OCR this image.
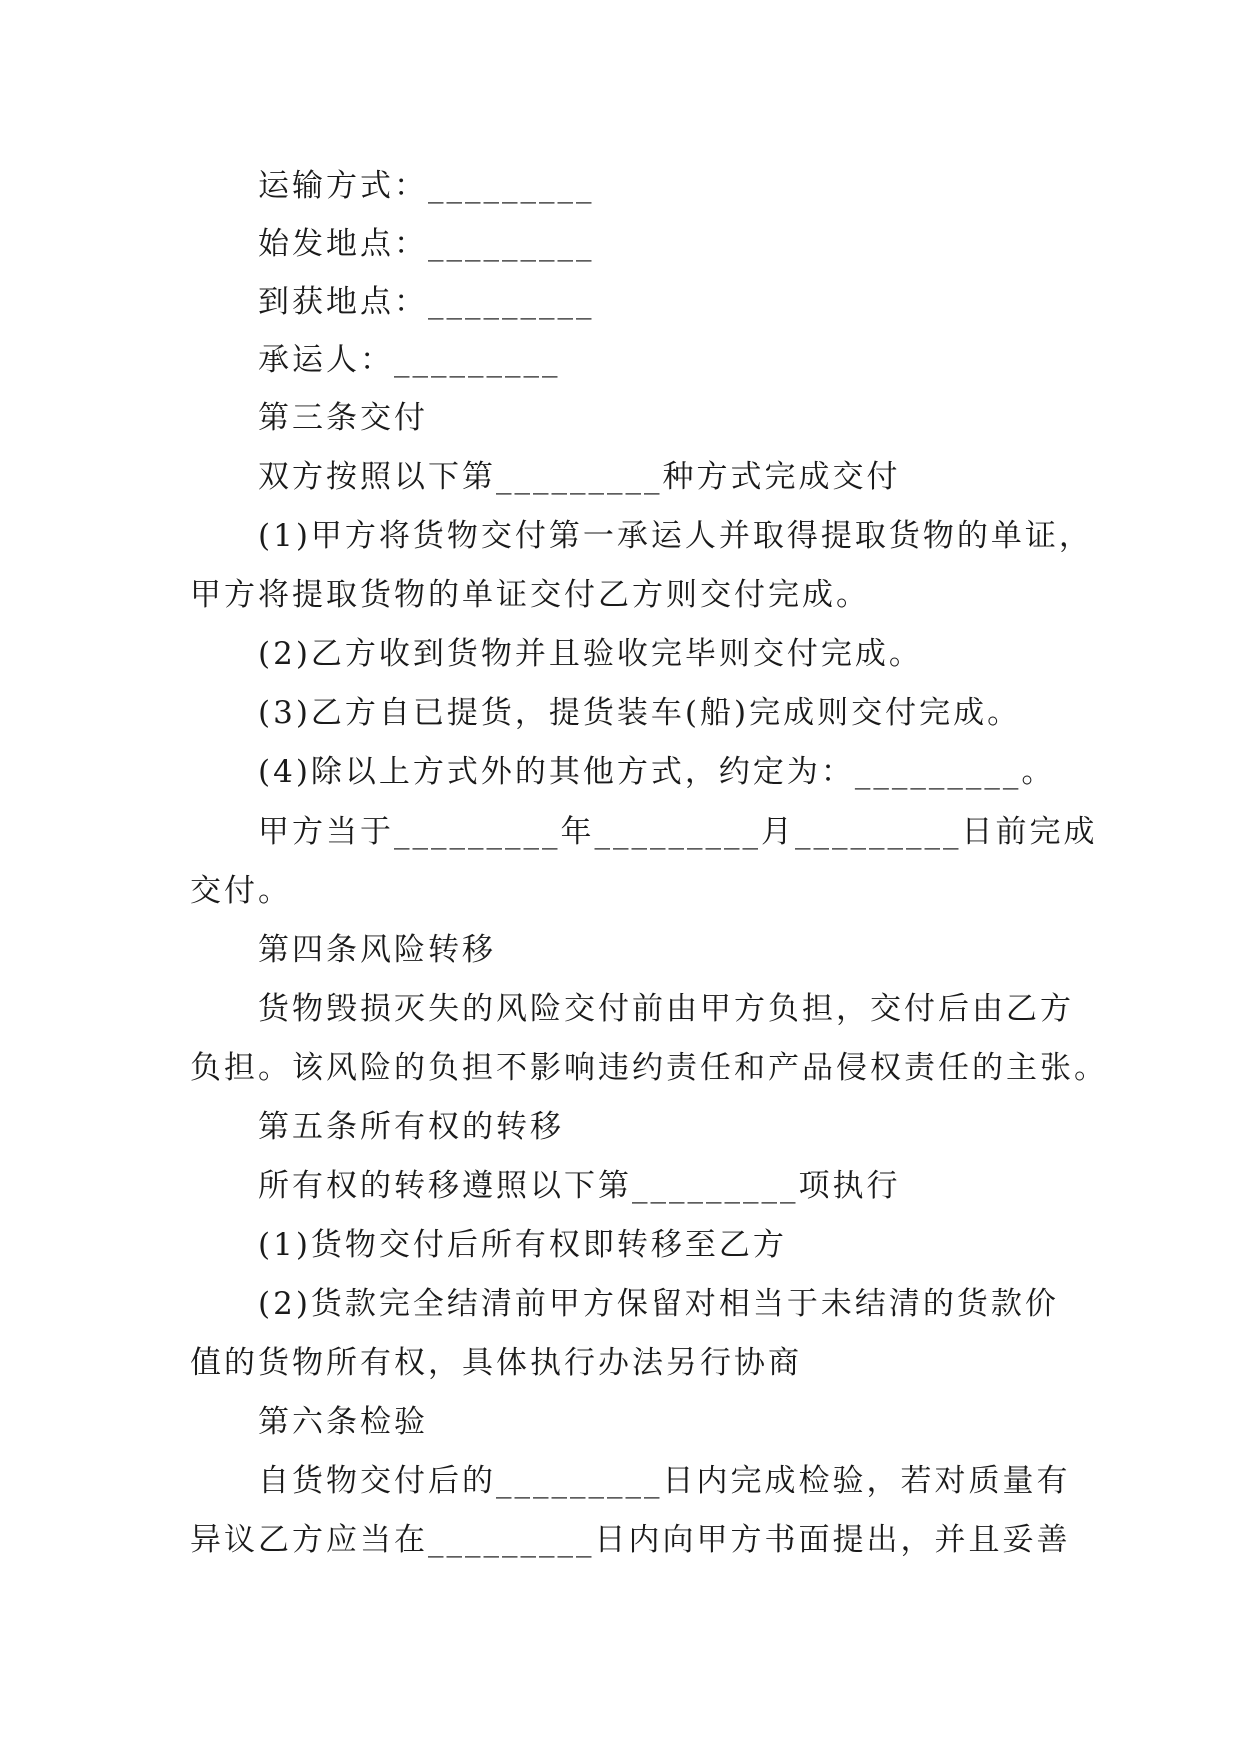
运输方式：_________
始发地点：_________
到获地点：_________
承运人：_________
第三条交付
双方按照以下第_________种方式完成交付
(1)甲方将货物交付第一承运人并取得提取货物的单证，
甲方将提取货物的单证交付乙方则交付完成。
(2)乙方收到货物并且验收完毕则交付完成。
(3)乙方自已提货，提货装车(船)完成则交付完成。
(4)除以上方式外的其他方式，约定为：_________。
甲方当于_________年_________月_________日前完成
交付。
第四条风险转移
货物毁损灭失的风险交付前由甲方负担，交付后由乙方
负担。该风险的负担不影响违约责任和产品侵权责任的主张。
第五条所有权的转移
所有权的转移遵照以下第_________项执行
(1)货物交付后所有权即转移至乙方
(2)货款完全结清前甲方保留对相当于未结清的货款价
值的货物所有权，具体执行办法另行协商
第六条检验
自货物交付后的_________日内完成检验，若对质量有
异议乙方应当在_________日内向甲方书面提出，并且妥善
